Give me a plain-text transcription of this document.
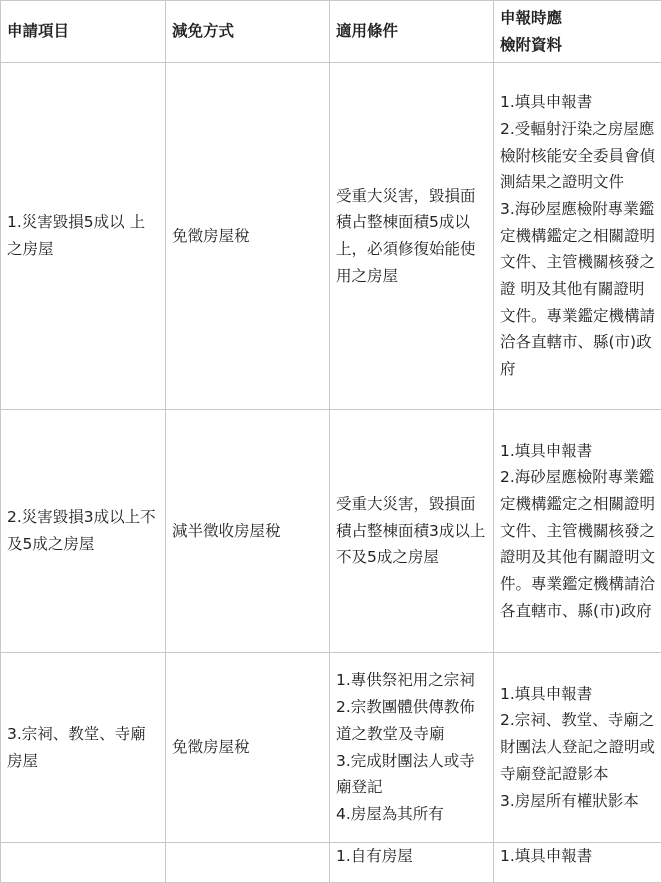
申請項目	減免方式	適用條件	申報時應
檢附資料
1.災害毀損5成以 上之房屋	免徵房屋稅	受重大災害，毀損面積占整棟面積5成以上，必須修復始能使用之房屋	1.填具申報書
2.受輻射汙染之房屋應檢附核能安全委員會偵測結果之證明文件
3.海砂屋應檢附專業鑑定機構鑑定之相關證明文件、主管機關核發之證 明及其他有關證明文件。專業鑑定機構請洽各直轄市、縣(市)政府
2.災害毀損3成以上不及5成之房屋	減半徵收房屋稅	受重大災害，毀損面積占整棟面積3成以上不及5成之房屋	1.填具申報書
2.海砂屋應檢附專業鑑定機構鑑定之相關證明文件、主管機關核發之證明及其他有關證明文件。專業鑑定機構請洽各直轄市、縣(市)政府
3.宗祠、教堂、寺廟房屋	免徵房屋稅	1.專供祭祀用之宗祠
2.宗教團體供傳教佈道之教堂及寺廟
3.完成財團法人或寺廟登記
4.房屋為其所有	1.填具申報書
2.宗祠、教堂、寺廟之財團法人登記之證明或寺廟登記證影本
3.房屋所有權狀影本
		1.自有房屋	1.填具申報書
